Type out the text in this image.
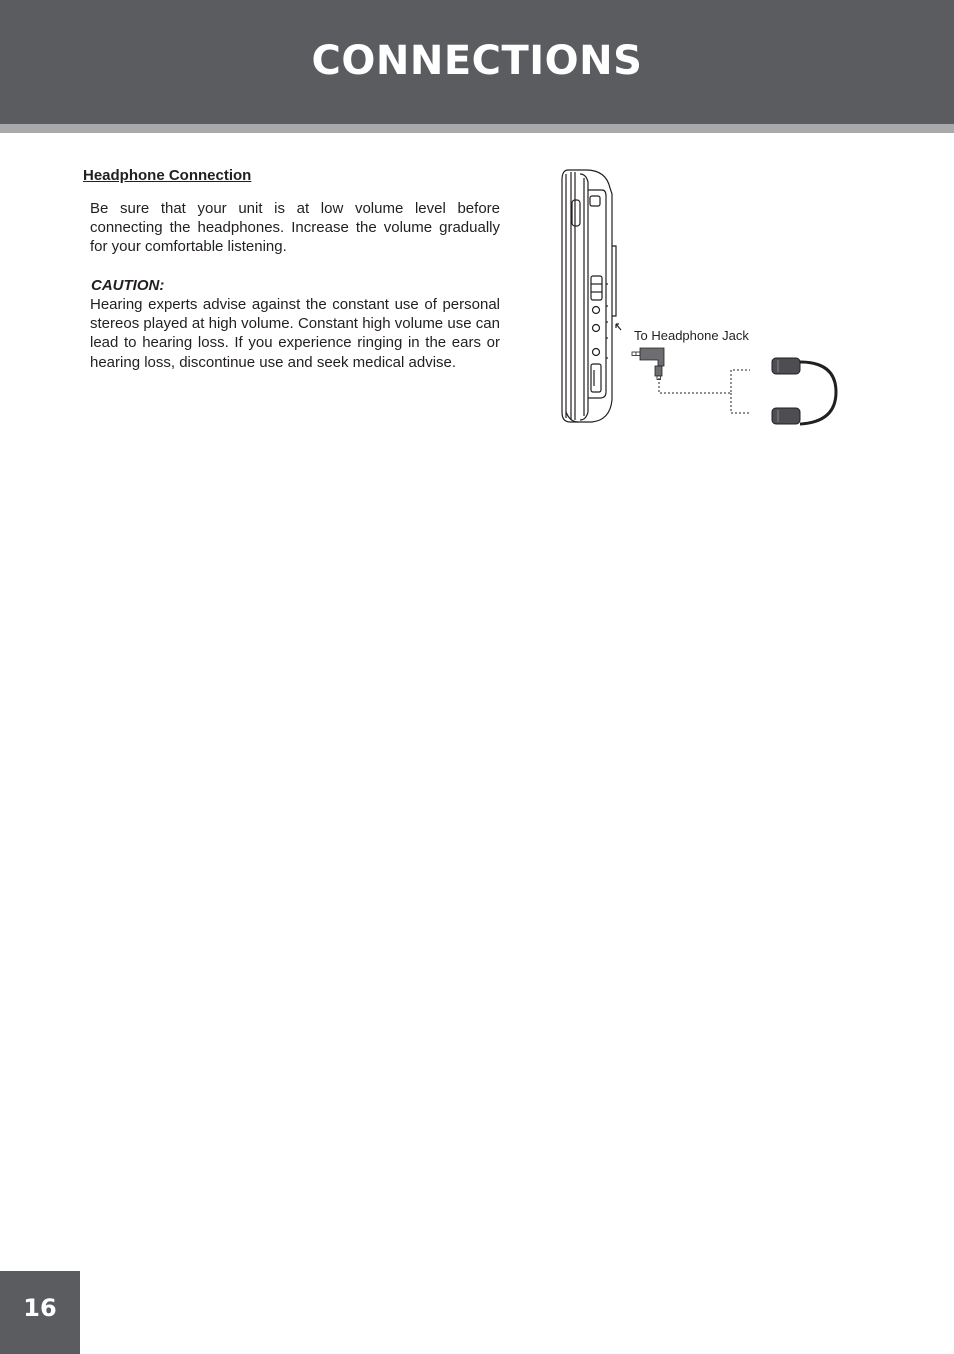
CONNECTIONS
Headphone Connection

Be sure that your unit is at low volume level before connecting the headphones. Increase the volume gradually for your comfortable listening.

CAUTION:

Hearing experts advise against the constant use of personal stereos played at high volume. Constant high volume use can lead to hearing loss. If you experience ringing in the ears or hearing loss, discontinue use and seek medical advise.

To Headphone Jack
16
